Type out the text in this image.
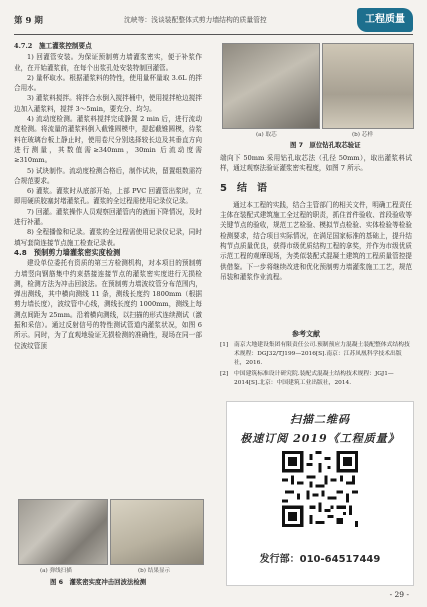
第 9 期	沈峡等：浅谈装配整体式剪力墙结构的质量管控	工程质量

4.7.2　施工灌浆控制要点

1) 回灌管安装。为保证预制剪力墙灌浆密实，便于补浆作业，在开始灌浆前，在每个出浆孔处安装特制回灌管。

2) 量杯取水。根据灌浆料的特性，使用量杯量取 3.6L 的拌合用水。

3) 灌浆料搅拌。将拌合水倒入搅拌桶中，使用搅拌枪边搅拌边加入灌浆料，搅拌 3～5min，要充分、均匀。

4) 流动度检测。灌浆料搅拌完成静置 2 min 后，进行流动度检测。将流量的灌浆料倒入截锥圆模中，提起截锥圆模，待浆料在玻璃台板上静止时，使用卷尺分别选择较长边及其垂直方向进行测量，其数值需≥340mm，30min 后流动度需≥310mm。

5) 试块制作。流动度检测合格后，制作试块，留置组数需符合规范要求。

6) 灌浆。灌浆时从底部开始，上部 PVC 回灌管出浆时，立即用硬质胶塞封堵灌浆孔。灌浆的全过程需使用记录仪记录。

7) 回灌。灌浆操作人员观察回灌管内的液面下降情况，及时进行补灌。

8) 全程播像和记录。灌浆的全过程需使用记录仪记录，同时填写套筒连接节点施工检查记录表。

4.8　预制剪力墙灌浆密实度检测

建设单位委托有资质的第三方检测机构，对本项目的预制剪力墙竖向钢筋集中约束搭接连接节点的灌浆密实度进行无损检测，检测方法为冲击回波法。在预制剪力墙波纹管分布范围内，弹出测线，其中横向测线 11 条，测线长度约 1800mm（根据剪力墙长度），波纹管中心线，测线长度约 1000mm，测线上每测点间距为 25mm。沿着横向测线，以扫描的形式连续测试（激振和采信）。通过反射信号的特性测试管道内灌浆状况，如图 6 所示。同时，为了直观地验证无损检测的准确性，现场在同一部位波纹管顶

(a) 弹线扫描	(b) 结果显示
图 6　灌浆密实度冲击回波法检测
(a) 取芯	(b) 芯样
图 7　原位钻孔取芯验证

端向下 50mm 采用钻孔取芯法（孔径 50mm），取出灌浆料试样，通过观察法验证灌浆密实程度，如图 7 所示。

5　结　语

通过本工程的实践，结合主管部门的相关文件，明确工程责任主体在装配式建筑施工全过程的职责，抓住首件验收、首段验收等关键节点的验收，规范工艺检验、模拟节点检验、实体检验等检验检测要求，结合项目实际情况，在满足国家标准的基础上，提升结构节点质量优良，获得市级优质结构工程的拿奖，并作为市级优质示范工程的观摩现场，为类似装配式混凝土建筑的工程质量管控提供借鉴。下一步将继续改进和优化预制剪力墙灌浆施工工艺，规范吊装和灌浆作业流程。

参考文献
[1] 南京大地建设集团有限责任公司.预制预应力混凝土装配整体式结构技术规程：DGJ32/TJ199—2016[S].南京：江苏凤凰科学技术出版社，2016.
[2] 中国建筑标准设计研究院.装配式混凝土结构技术规程：JGJ1—2014[S].北京：中国建筑工业出版社，2014.
扫描二维码
极速订阅 2019《工程质量》
发行部：010-64517449
- 29 -
